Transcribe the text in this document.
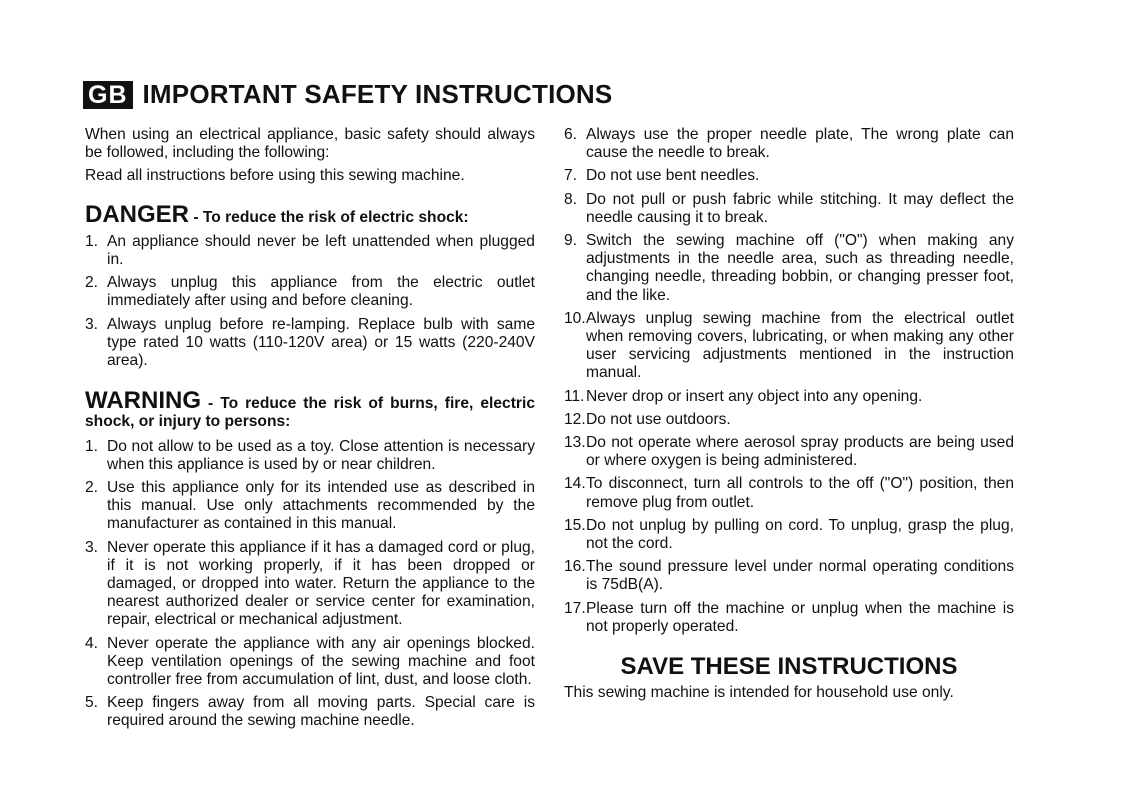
GB IMPORTANT SAFETY INSTRUCTIONS

When using an electrical appliance, basic safety should always be followed, including the following:

Read all instructions before using this sewing machine.

DANGER - To reduce the risk of electric shock:
1. An appliance should never be left unattended when plugged in.
2. Always unplug this appliance from the electric outlet immediately after using and before cleaning.
3. Always unplug before re-lamping. Replace bulb with same type rated 10 watts (110-120V area) or 15 watts (220-240V area).
WARNING - To reduce the risk of burns, fire, electric shock, or injury to persons:
1. Do not allow to be used as a toy. Close attention is necessary when this appliance is used by or near children.
2. Use this appliance only for its intended use as described in this manual. Use only attachments recommended by the manufacturer as contained in this manual.
3. Never operate this appliance if it has a damaged cord or plug, if it is not working properly, if it has been dropped or damaged, or dropped into water. Return the appliance to the nearest authorized dealer or service center for examination, repair, electrical or mechanical adjustment.
4. Never operate the appliance with any air openings blocked. Keep ventilation openings of the sewing machine and foot controller free from accumulation of lint, dust, and loose cloth.
5. Keep fingers away from all moving parts. Special care is required around the sewing machine needle.
6. Always use the proper needle plate, The wrong plate can cause the needle to break.
7. Do not use bent needles.
8. Do not pull or push fabric while stitching. It may deflect the needle causing it to break.
9. Switch the sewing machine off ("O") when making any adjustments in the needle area, such as threading needle, changing needle, threading bobbin, or changing presser foot, and the like.
10. Always unplug sewing machine from the electrical outlet when removing covers, lubricating, or when making any other user servicing adjustments mentioned in the instruction manual.
11. Never drop or insert any object into any opening.
12. Do not use outdoors.
13. Do not operate where aerosol spray products are being used or where oxygen is being administered.
14. To disconnect, turn all controls to the off ("O") position, then remove plug from outlet.
15. Do not unplug by pulling on cord. To unplug, grasp the plug, not the cord.
16. The sound pressure level under normal operating conditions is 75dB(A).
17. Please turn off the machine or unplug when the machine is not properly operated.
SAVE THESE INSTRUCTIONS

This sewing machine is intended for household use only.
